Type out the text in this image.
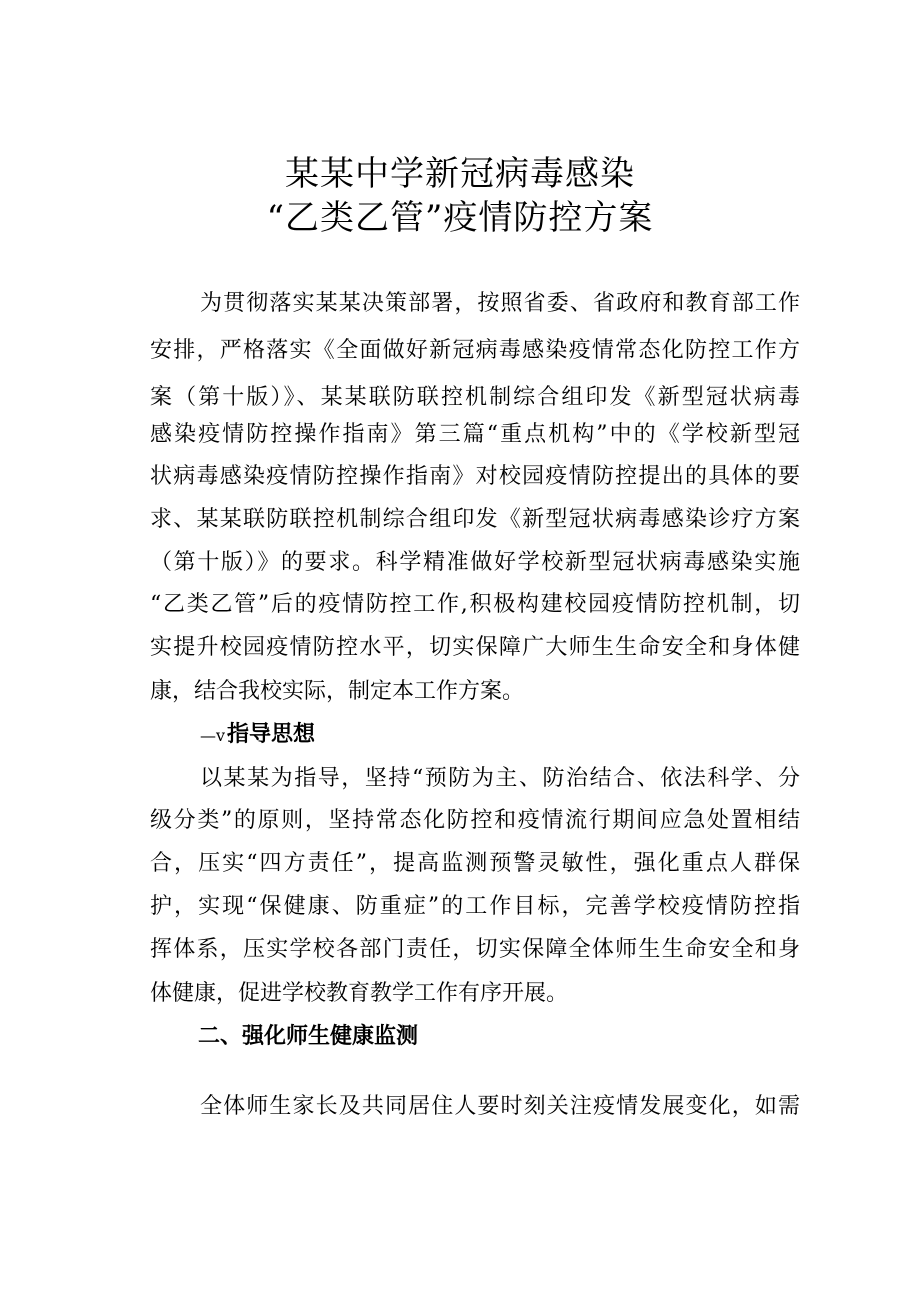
某某中学新冠病毒感染
“乙类乙管”疫情防控方案
为贯彻落实某某决策部署，按照省委、省政府和教育部工作
安排，严格落实《全面做好新冠病毒感染疫情常态化防控工作方
案（第十版）》、某某联防联控机制综合组印发《新型冠状病毒
感染疫情防控操作指南》第三篇“重点机构”中的《学校新型冠
状病毒感染疫情防控操作指南》对校园疫情防控提出的具体的要
求、某某联防联控机制综合组印发《新型冠状病毒感染诊疗方案
（第十版）》的要求。科学精准做好学校新型冠状病毒感染实施
“乙类乙管”后的疫情防控工作,积极构建校园疫情防控机制，切
实提升校园疫情防控水平，切实保障广大师生生命安全和身体健
康，结合我校实际，制定本工作方案。
—v指导思想
以某某为指导，坚持“预防为主、防治结合、依法科学、分
级分类”的原则，坚持常态化防控和疫情流行期间应急处置相结
合，压实“四方责任”，提高监测预警灵敏性，强化重点人群保
护，实现“保健康、防重症”的工作目标，完善学校疫情防控指
挥体系，压实学校各部门责任，切实保障全体师生生命安全和身
体健康，促进学校教育教学工作有序开展。
二、强化师生健康监测
全体师生家长及共同居住人要时刻关注疫情发展变化，如需
